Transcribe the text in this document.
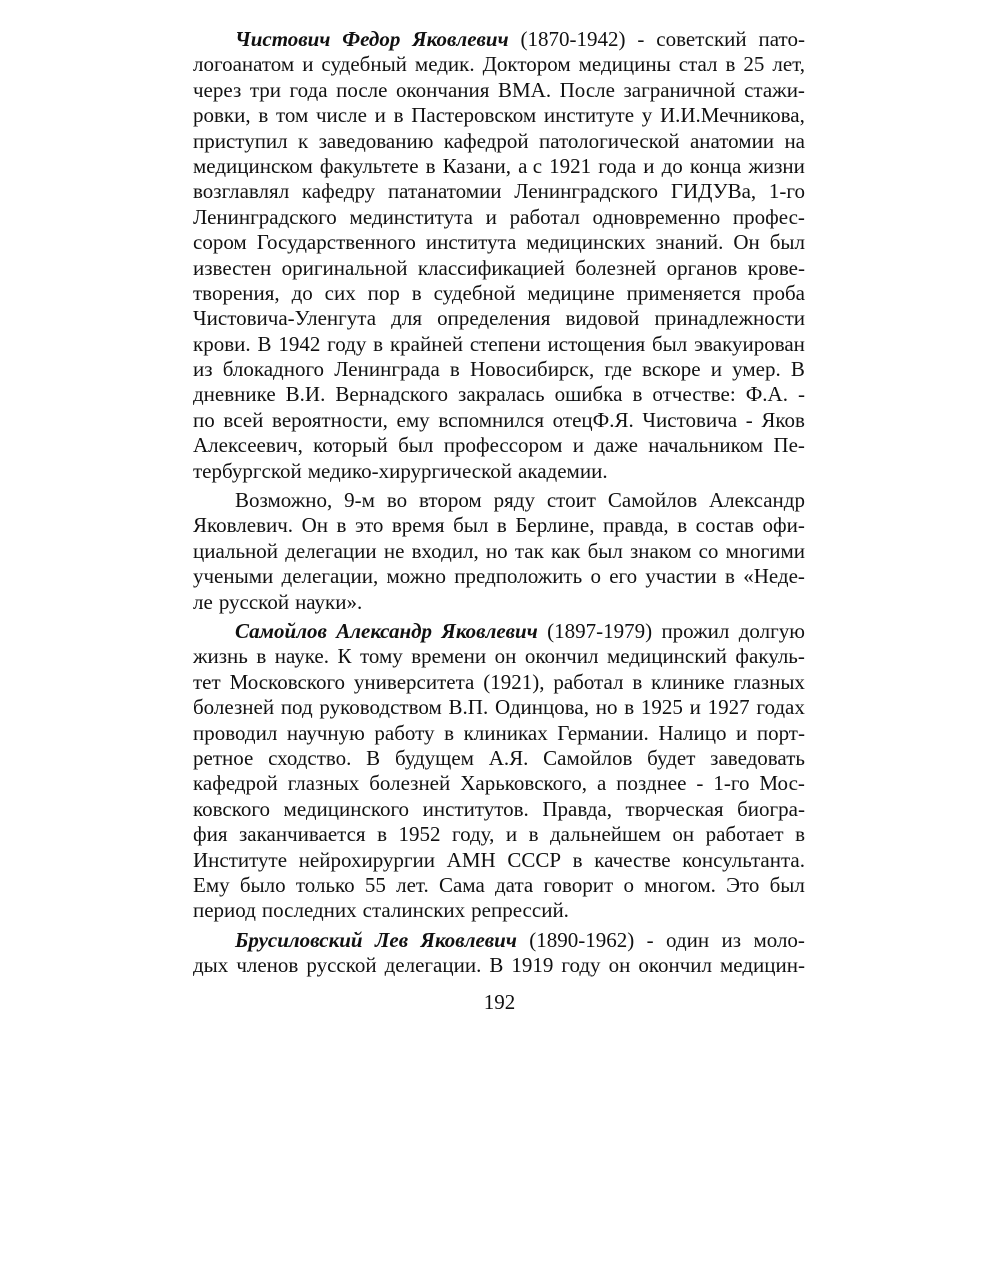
Чистович Федор Яковлевич (1870-1942) - советский пато-
логоанатом и судебный медик. Доктором медицины стал в 25 лет,
через три года после окончания ВМА. После заграничной стажи-
ровки, в том числе и в Пастеровском институте у И.И.Мечникова,
приступил к заведованию кафедрой патологической анатомии на
медицинском факультете в Казани, а с 1921 года и до конца жизни
возглавлял кафедру патанатомии Ленинградского ГИДУВа, 1-го
Ленинградского мединститута и работал одновременно профес-
сором Государственного института медицинских знаний. Он был
известен оригинальной классификацией болезней органов крове-
творения, до сих пор в судебной медицине применяется проба
Чистовича-Уленгута для определения видовой принадлежности
крови. В 1942 году в крайней степени истощения был эвакуирован
из блокадного Ленинграда в Новосибирск, где вскоре и умер. В
дневнике В.И. Вернадского закралась ошибка в отчестве: Ф.А. -
по всей вероятности, ему вспомнился отецФ.Я. Чистовича - Яков
Алексеевич, который был профессором и даже начальником Пе-
тербургской медико-хирургической академии.
Возможно, 9-м во втором ряду стоит Самойлов Александр
Яковлевич. Он в это время был в Берлине, правда, в состав офи-
циальной делегации не входил, но так как был знаком со многими
учеными делегации, можно предположить о его участии в «Неде-
ле русской науки».
Самойлов Александр Яковлевич (1897-1979) прожил долгую
жизнь в науке. К тому времени он окончил медицинский факуль-
тет Московского университета (1921), работал в клинике глазных
болезней под руководством В.П. Одинцова, но в 1925 и 1927 годах
проводил научную работу в клиниках Германии. Налицо и порт-
ретное сходство. В будущем А.Я. Самойлов будет заведовать
кафедрой глазных болезней Харьковского, а позднее - 1-го Мос-
ковского медицинского институтов. Правда, творческая биогра-
фия заканчивается в 1952 году, и в дальнейшем он работает в
Институте нейрохирургии АМН СССР в качестве консультанта.
Ему было только 55 лет. Сама дата говорит о многом. Это был
период последних сталинских репрессий.
Брусиловский Лев Яковлевич (1890-1962) - один из моло-
дых членов русской делегации. В 1919 году он окончил медицин-
192
